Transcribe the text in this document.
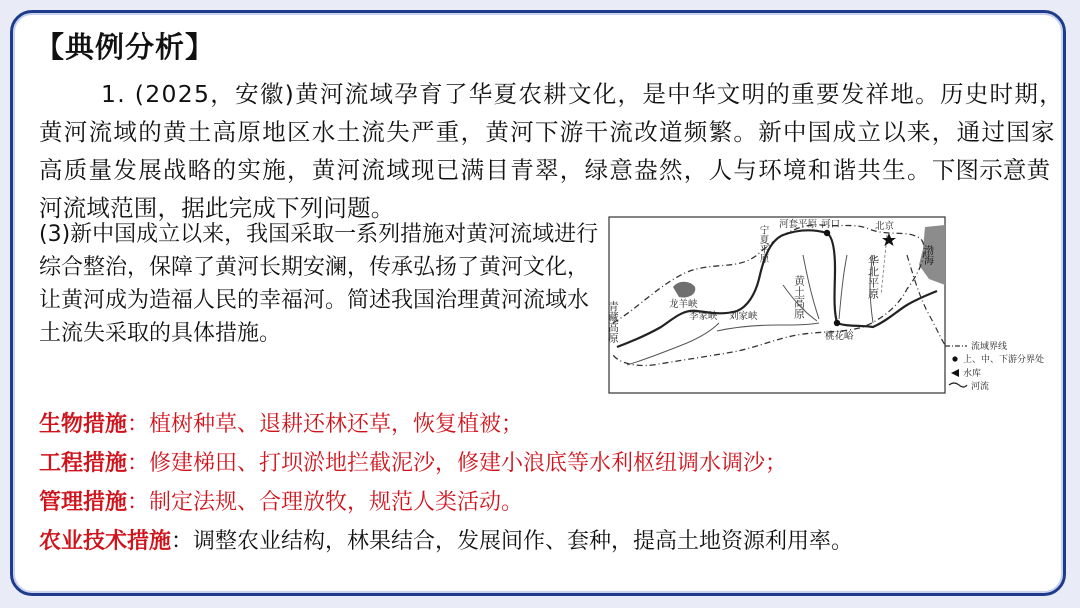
【典例分析】
1. (2025，安徽)黄河流域孕育了华夏农耕文化，是中华文明的重要发祥地。历史时期，黄河流域的黄土高原地区水土流失严重，黄河下游干流改道频繁。新中国成立以来，通过国家高质量发展战略的实施，黄河流域现已满目青翠，绿意盎然，人与环境和谐共生。下图示意黄河流域范围，据此完成下列问题。
(3)新中国成立以来，我国采取一系列措施对黄河流域进行综合整治，保障了黄河长期安澜，传承弘扬了黄河文化，让黄河成为造福人民的幸福河。简述我国治理黄河流域水土流失采取的具体措施。	青藏高原	龙羊峡
李家峡 刘家峡
宁夏平原
河套平原 河口	北京
华北平原	渤海
桃花峪
黄土高原
流域界线
上、中、下游分界处
水库
河流
生物措施：植树种草、退耕还林还草，恢复植被；
工程措施：修建梯田、打坝淤地拦截泥沙，修建小浪底等水利枢纽调水调沙；
管理措施：制定法规、合理放牧，规范人类活动。
农业技术措施：调整农业结构，林果结合，发展间作、套种，提高土地资源利用率。
